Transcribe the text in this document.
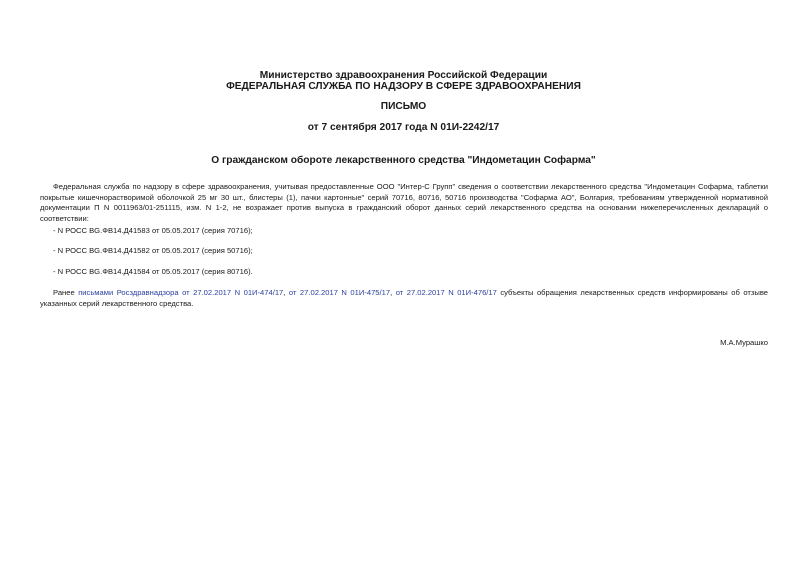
Министерство здравоохранения Российской Федерации
ФЕДЕРАЛЬНАЯ СЛУЖБА ПО НАДЗОРУ В СФЕРЕ ЗДРАВООХРАНЕНИЯ
ПИСЬМО
от 7 сентября 2017 года N 01И-2242/17
О гражданском обороте лекарственного средства "Индометацин Софарма"
Федеральная служба по надзору в сфере здравоохранения, учитывая предоставленные ООО "Интер-С Групп" сведения о соответствии лекарственного средства "Индометацин Софарма, таблетки покрытые кишечнорастворимой оболочкой 25 мг 30 шт., блистеры (1), пачки картонные" серий 70716, 80716, 50716 производства "Софарма АО", Болгария, требованиям утвержденной нормативной документации П N 0011963/01-251115, изм. N 1-2, не возражает против выпуска в гражданский оборот данных серий лекарственного средства на основании нижеперечисленных деклараций о соответствии:
- N РОСС BG.ФВ14.Д41583 от 05.05.2017 (серия 70716);
- N РОСС BG.ФВ14.Д41582 от 05.05.2017 (серия 50716);
- N РОСС BG.ФВ14.Д41584 от 05.05.2017 (серия 80716).
Ранее письмами Росздравнадзора от 27.02.2017 N 01И-474/17, от 27.02.2017 N 01И-475/17, от 27.02.2017 N 01И-476/17 субъекты обращения лекарственных средств информированы об отзыве указанных серий лекарственного средства.
М.А.Мурашко
